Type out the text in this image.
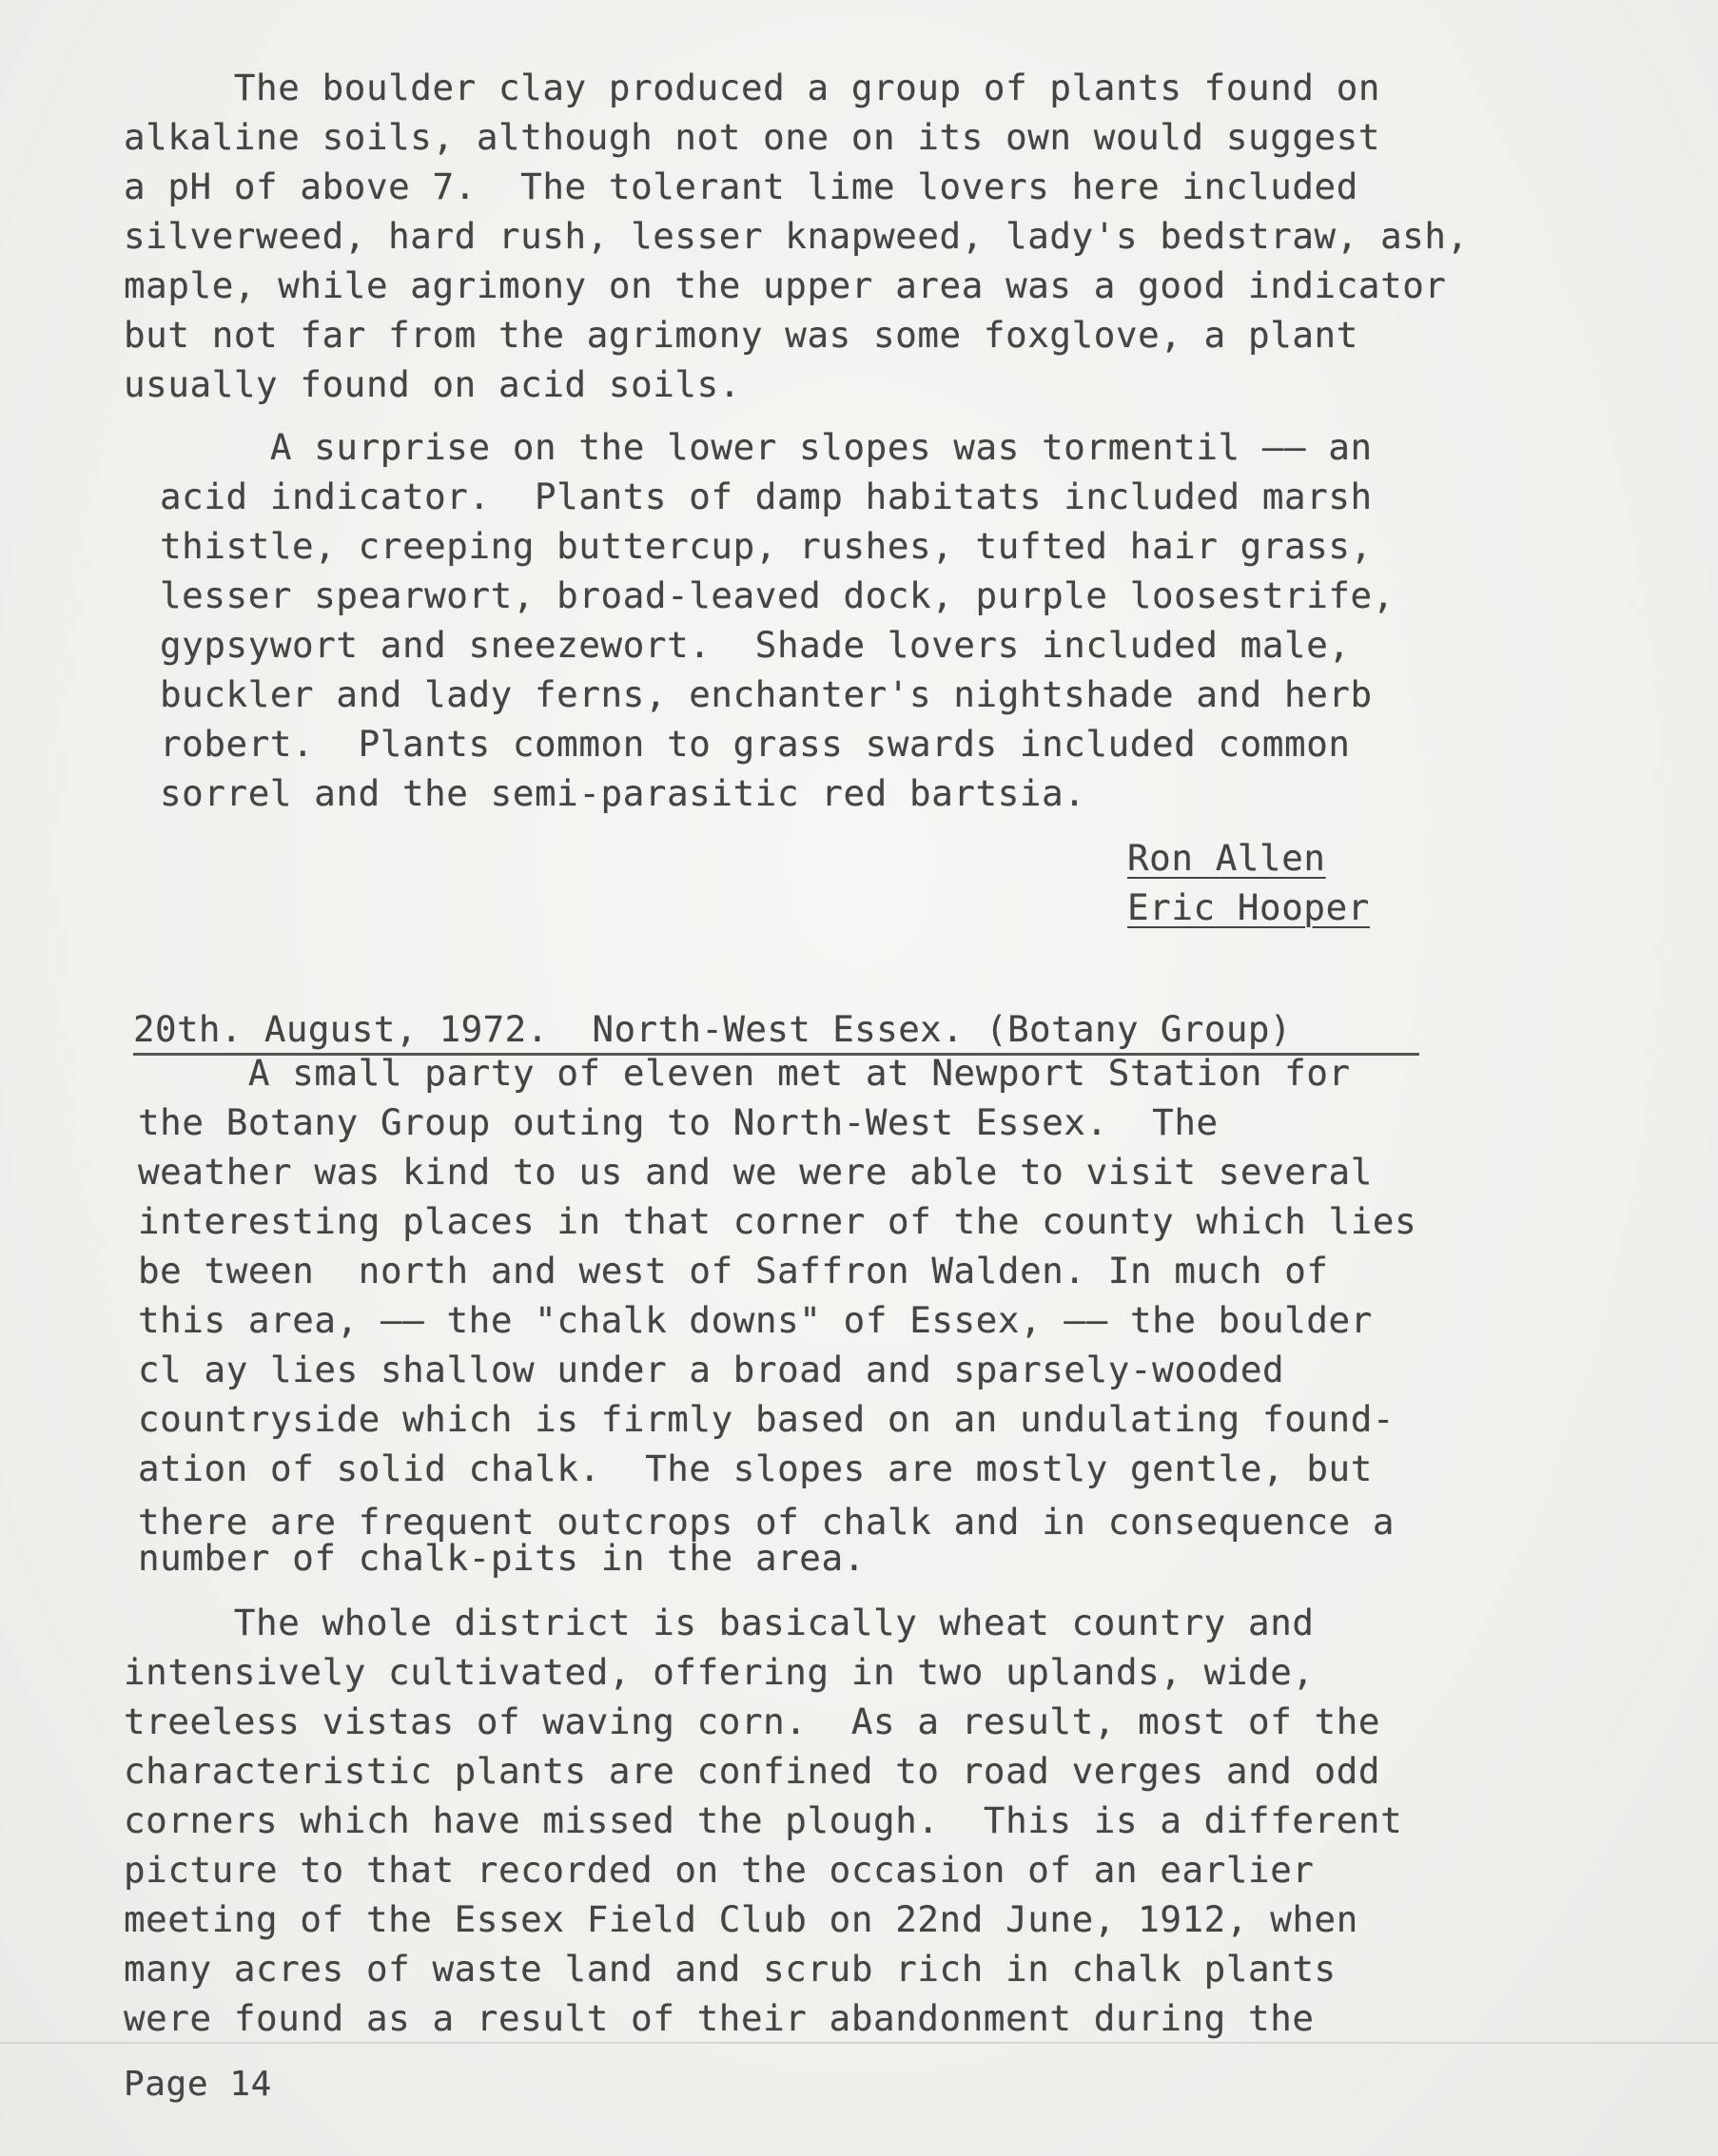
The boulder clay produced a group of plants found on
alkaline soils, although not one on its own would suggest
a pH of above 7.  The tolerant lime lovers here included
silverweed, hard rush, lesser knapweed, lady's bedstraw, ash,
maple, while agrimony on the upper area was a good indicator
but not far from the agrimony was some foxglove, a plant
usually found on acid soils.
A surprise on the lower slopes was tormentil —— an
acid indicator.  Plants of damp habitats included marsh
thistle, creeping buttercup, rushes, tufted hair grass,
lesser spearwort, broad-leaved dock, purple loosestrife,
gypsywort and sneezewort.  Shade lovers included male,
buckler and lady ferns, enchanter's nightshade and herb
robert.  Plants common to grass swards included common
sorrel and the semi-parasitic red bartsia.
Ron Allen
Eric Hooper
20th. August, 1972.  North-West Essex. (Botany Group)
A small party of eleven met at Newport Station for
the Botany Group outing to North-West Essex.  The
weather was kind to us and we were able to visit several
interesting places in that corner of the county which lies
be tween  north and west of Saffron Walden. In much of
this area, —— the "chalk downs" of Essex, —— the boulder
cl ay lies shallow under a broad and sparsely-wooded
countryside which is firmly based on an undulating found-
ation of solid chalk.  The slopes are mostly gentle, but
there are frequent outcrops of chalk and in consequence a
number of chalk-pits in the area.
The whole district is basically wheat country and
intensively cultivated, offering in two uplands, wide,
treeless vistas of waving corn.  As a result, most of the
characteristic plants are confined to road verges and odd
corners which have missed the plough.  This is a different
picture to that recorded on the occasion of an earlier
meeting of the Essex Field Club on 22nd June, 1912, when
many acres of waste land and scrub rich in chalk plants
were found as a result of their abandonment during the
Page 14
